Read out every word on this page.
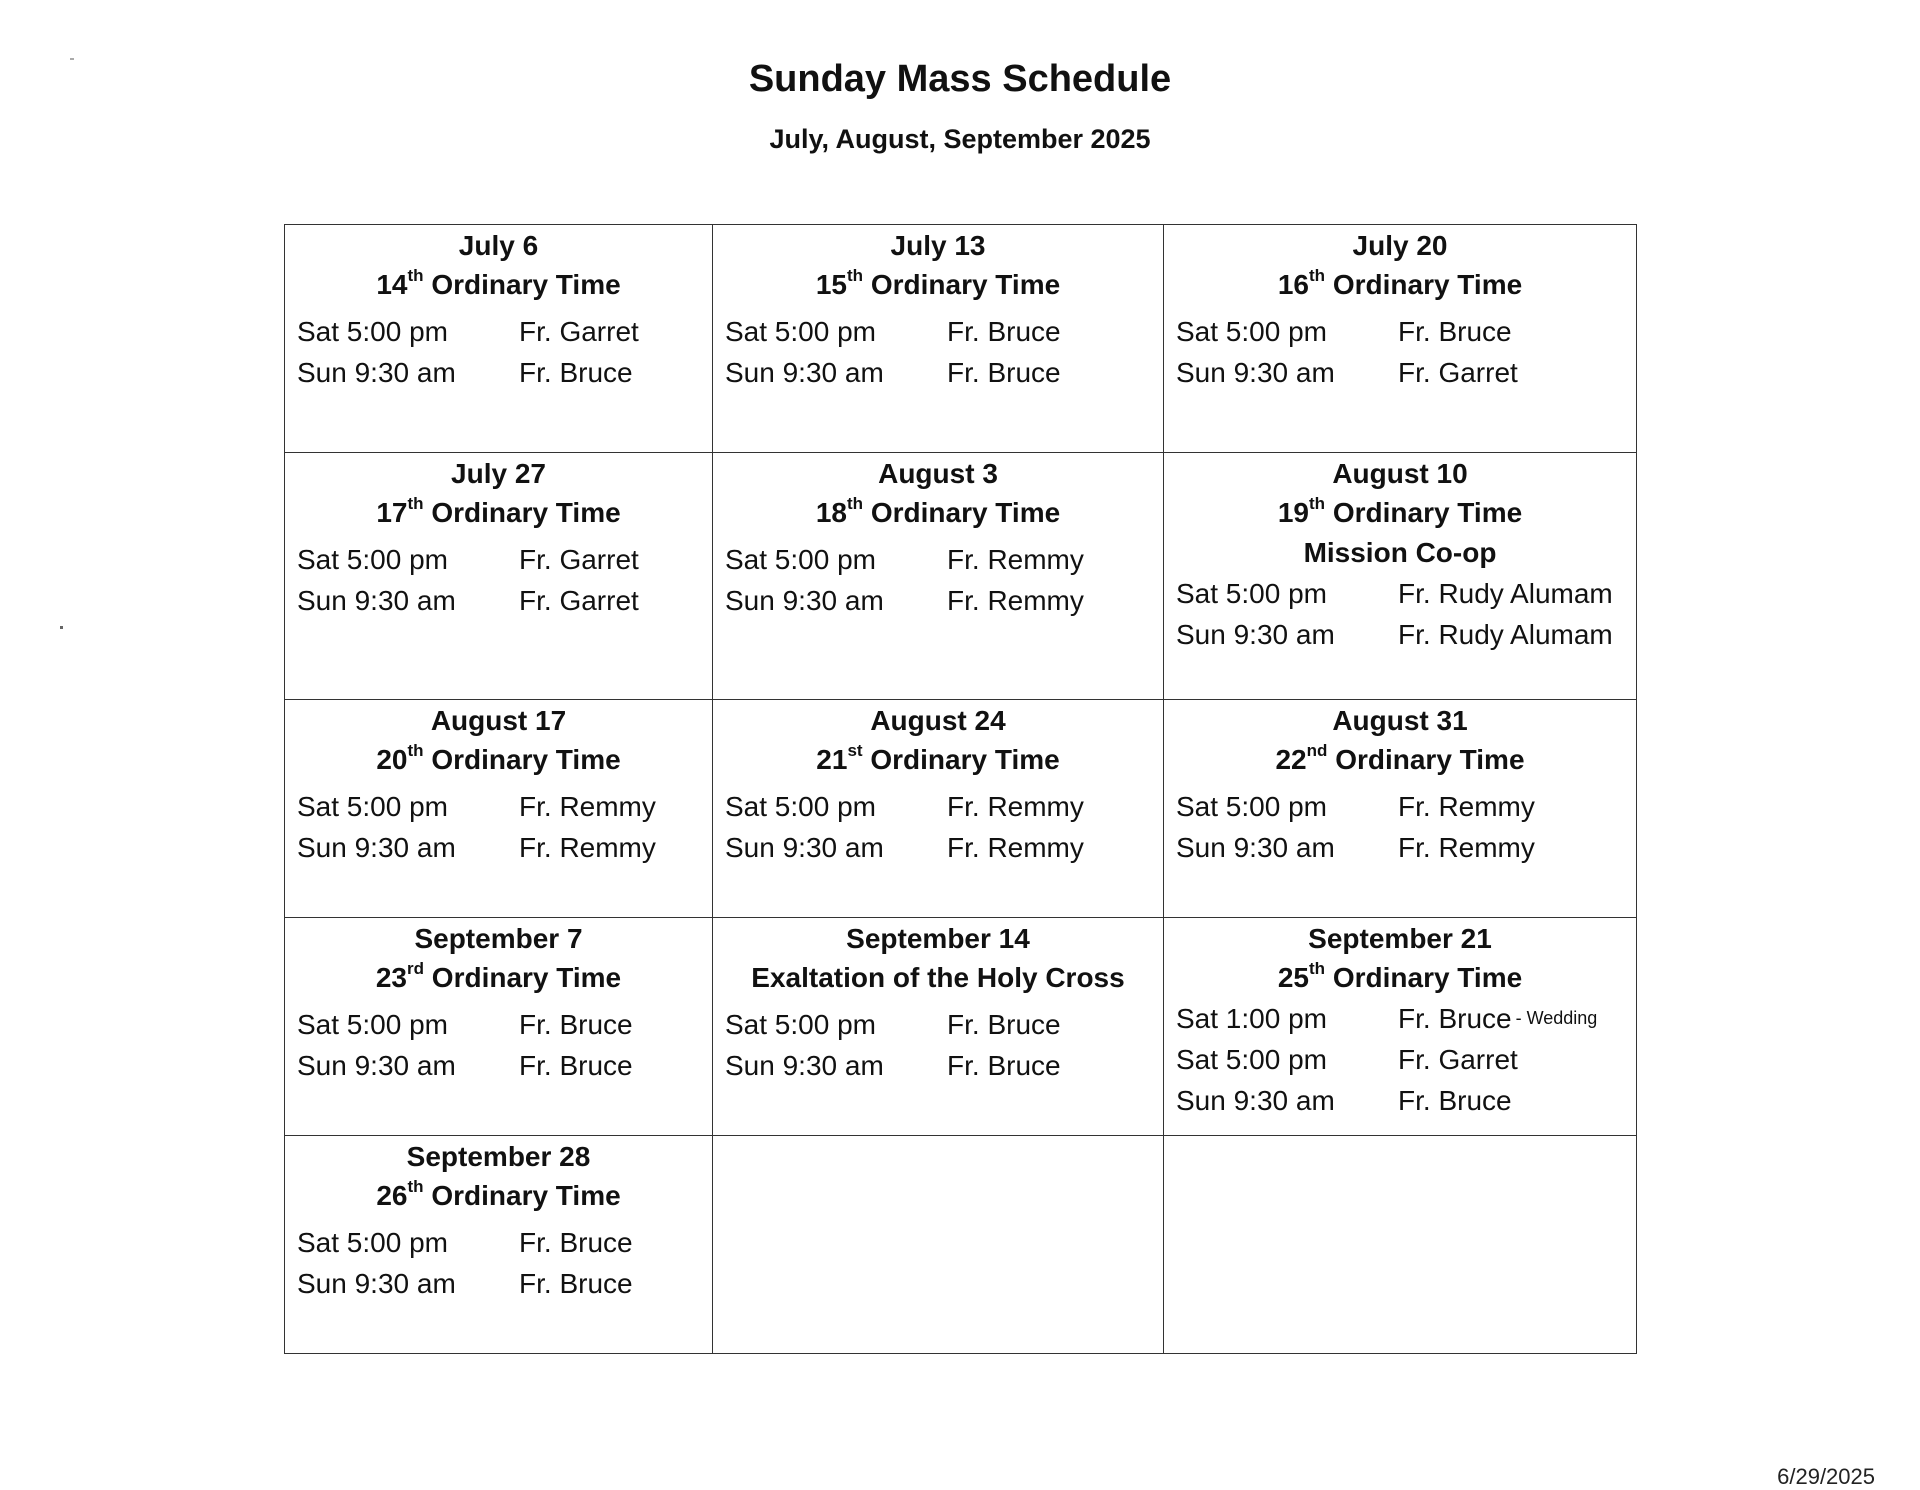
Sunday Mass Schedule
July, August, September 2025
July 6
14th Ordinary Time
Sat 5:00 pm	Fr. Garret
Sun 9:30 am	Fr. Bruce
July 13
15th Ordinary Time
Sat 5:00 pm	Fr. Bruce
Sun 9:30 am	Fr. Bruce
July 20
16th Ordinary Time
Sat 5:00 pm	Fr. Bruce
Sun 9:30 am	Fr. Garret
July 27
17th Ordinary Time
Sat 5:00 pm	Fr. Garret
Sun 9:30 am	Fr. Garret
August 3
18th Ordinary Time
Sat 5:00 pm	Fr. Remmy
Sun 9:30 am	Fr. Remmy
August 10
19th Ordinary Time
Mission Co-op
Sat 5:00 pm	Fr. Rudy Alumam
Sun 9:30 am	Fr. Rudy Alumam
August 17
20th Ordinary Time
Sat 5:00 pm	Fr. Remmy
Sun 9:30 am	Fr. Remmy
August 24
21st Ordinary Time
Sat 5:00 pm	Fr. Remmy
Sun 9:30 am	Fr. Remmy
August 31
22nd Ordinary Time
Sat 5:00 pm	Fr. Remmy
Sun 9:30 am	Fr. Remmy
September 7
23rd Ordinary Time
Sat 5:00 pm	Fr. Bruce
Sun 9:30 am	Fr. Bruce
September 14
Exaltation of the Holy Cross
Sat 5:00 pm	Fr. Bruce
Sun 9:30 am	Fr. Bruce
September 21
25th Ordinary Time
Sat 1:00 pm	Fr. Bruce - Wedding
Sat 5:00 pm	Fr. Garret
Sun 9:30 am	Fr. Bruce
September 28
26th Ordinary Time
Sat 5:00 pm	Fr. Bruce
Sun 9:30 am	Fr. Bruce
6/29/2025
